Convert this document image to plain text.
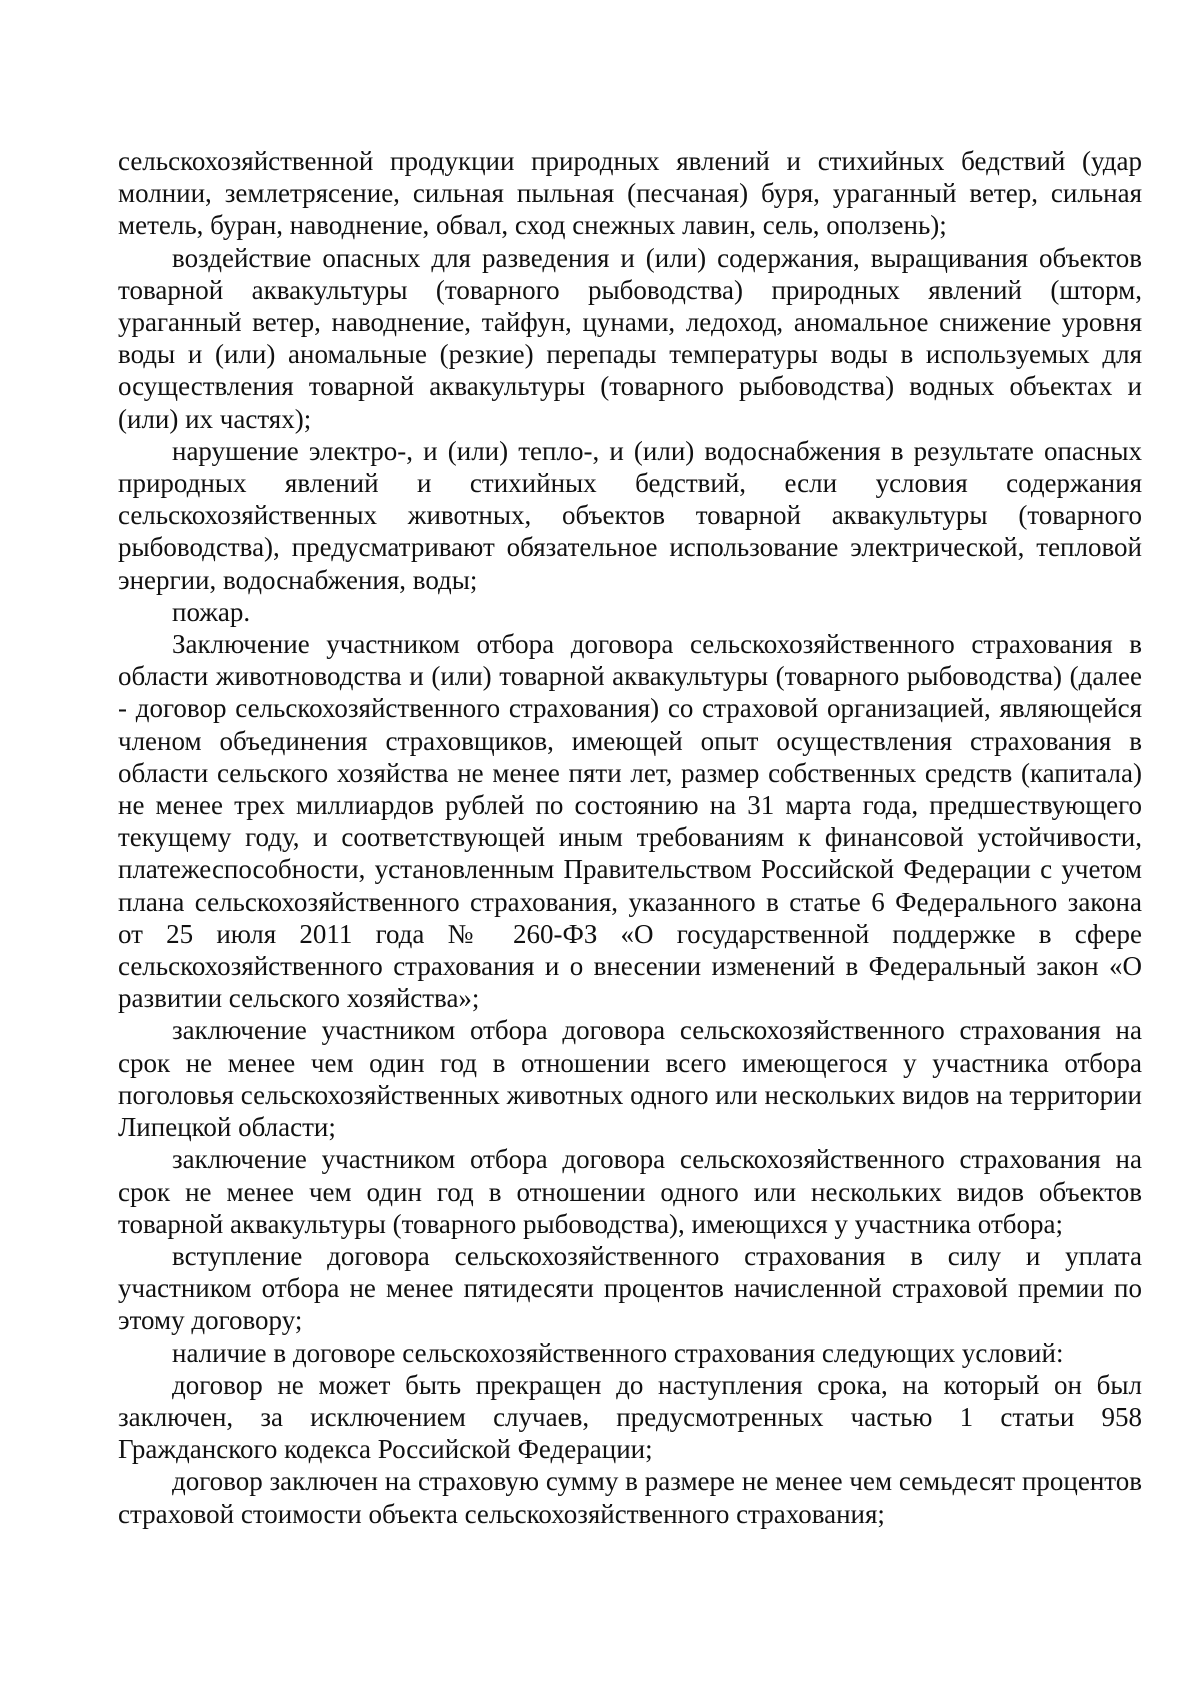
сельскохозяйственной продукции природных явлений и стихийных бедствий (удар молнии, землетрясение, сильная пыльная (песчаная) буря, ураганный ветер, сильная метель, буран, наводнение, обвал, сход снежных лавин, сель, оползень);

воздействие опасных для разведения и (или) содержания, выращивания объектов товарной аквакультуры (товарного рыбоводства) природных явлений (шторм, ураганный ветер, наводнение, тайфун, цунами, ледоход, аномальное снижение уровня воды и (или) аномальные (резкие) перепады температуры воды в используемых для осуществления товарной аквакультуры (товарного рыбоводства) водных объектах и (или) их частях);

нарушение электро-, и (или) тепло-, и (или) водоснабжения в результате опасных природных явлений и стихийных бедствий, если условия содержания сельскохозяйственных животных, объектов товарной аквакультуры (товарного рыбоводства), предусматривают обязательное использование электрической, тепловой энергии, водоснабжения, воды;

пожар.

Заключение участником отбора договора сельскохозяйственного страхования в области животноводства и (или) товарной аквакультуры (товарного рыбоводства) (далее - договор сельскохозяйственного страхования) со страховой организацией, являющейся членом объединения страховщиков, имеющей опыт осуществления страхования в области сельского хозяйства не менее пяти лет, размер собственных средств (капитала) не менее трех миллиардов рублей по состоянию на 31 марта года, предшествующего текущему году, и соответствующей иным требованиям к финансовой устойчивости, платежеспособности, установленным Правительством Российской Федерации с учетом плана сельскохозяйственного страхования, указанного в статье 6 Федерального закона от 25 июля 2011 года № 260-ФЗ «О государственной поддержке в сфере сельскохозяйственного страхования и о внесении изменений в Федеральный закон «О развитии сельского хозяйства»;

заключение участником отбора договора сельскохозяйственного страхования на срок не менее чем один год в отношении всего имеющегося у участника отбора поголовья сельскохозяйственных животных одного или нескольких видов на территории Липецкой области;

заключение участником отбора договора сельскохозяйственного страхования на срок не менее чем один год в отношении одного или нескольких видов объектов товарной аквакультуры (товарного рыбоводства), имеющихся у участника отбора;

вступление договора сельскохозяйственного страхования в силу и уплата участником отбора не менее пятидесяти процентов начисленной страховой премии по этому договору;

наличие в договоре сельскохозяйственного страхования следующих условий:

договор не может быть прекращен до наступления срока, на который он был заключен, за исключением случаев, предусмотренных частью 1 статьи 958 Гражданского кодекса Российской Федерации;

договор заключен на страховую сумму в размере не менее чем семьдесят процентов страховой стоимости объекта сельскохозяйственного страхования;
